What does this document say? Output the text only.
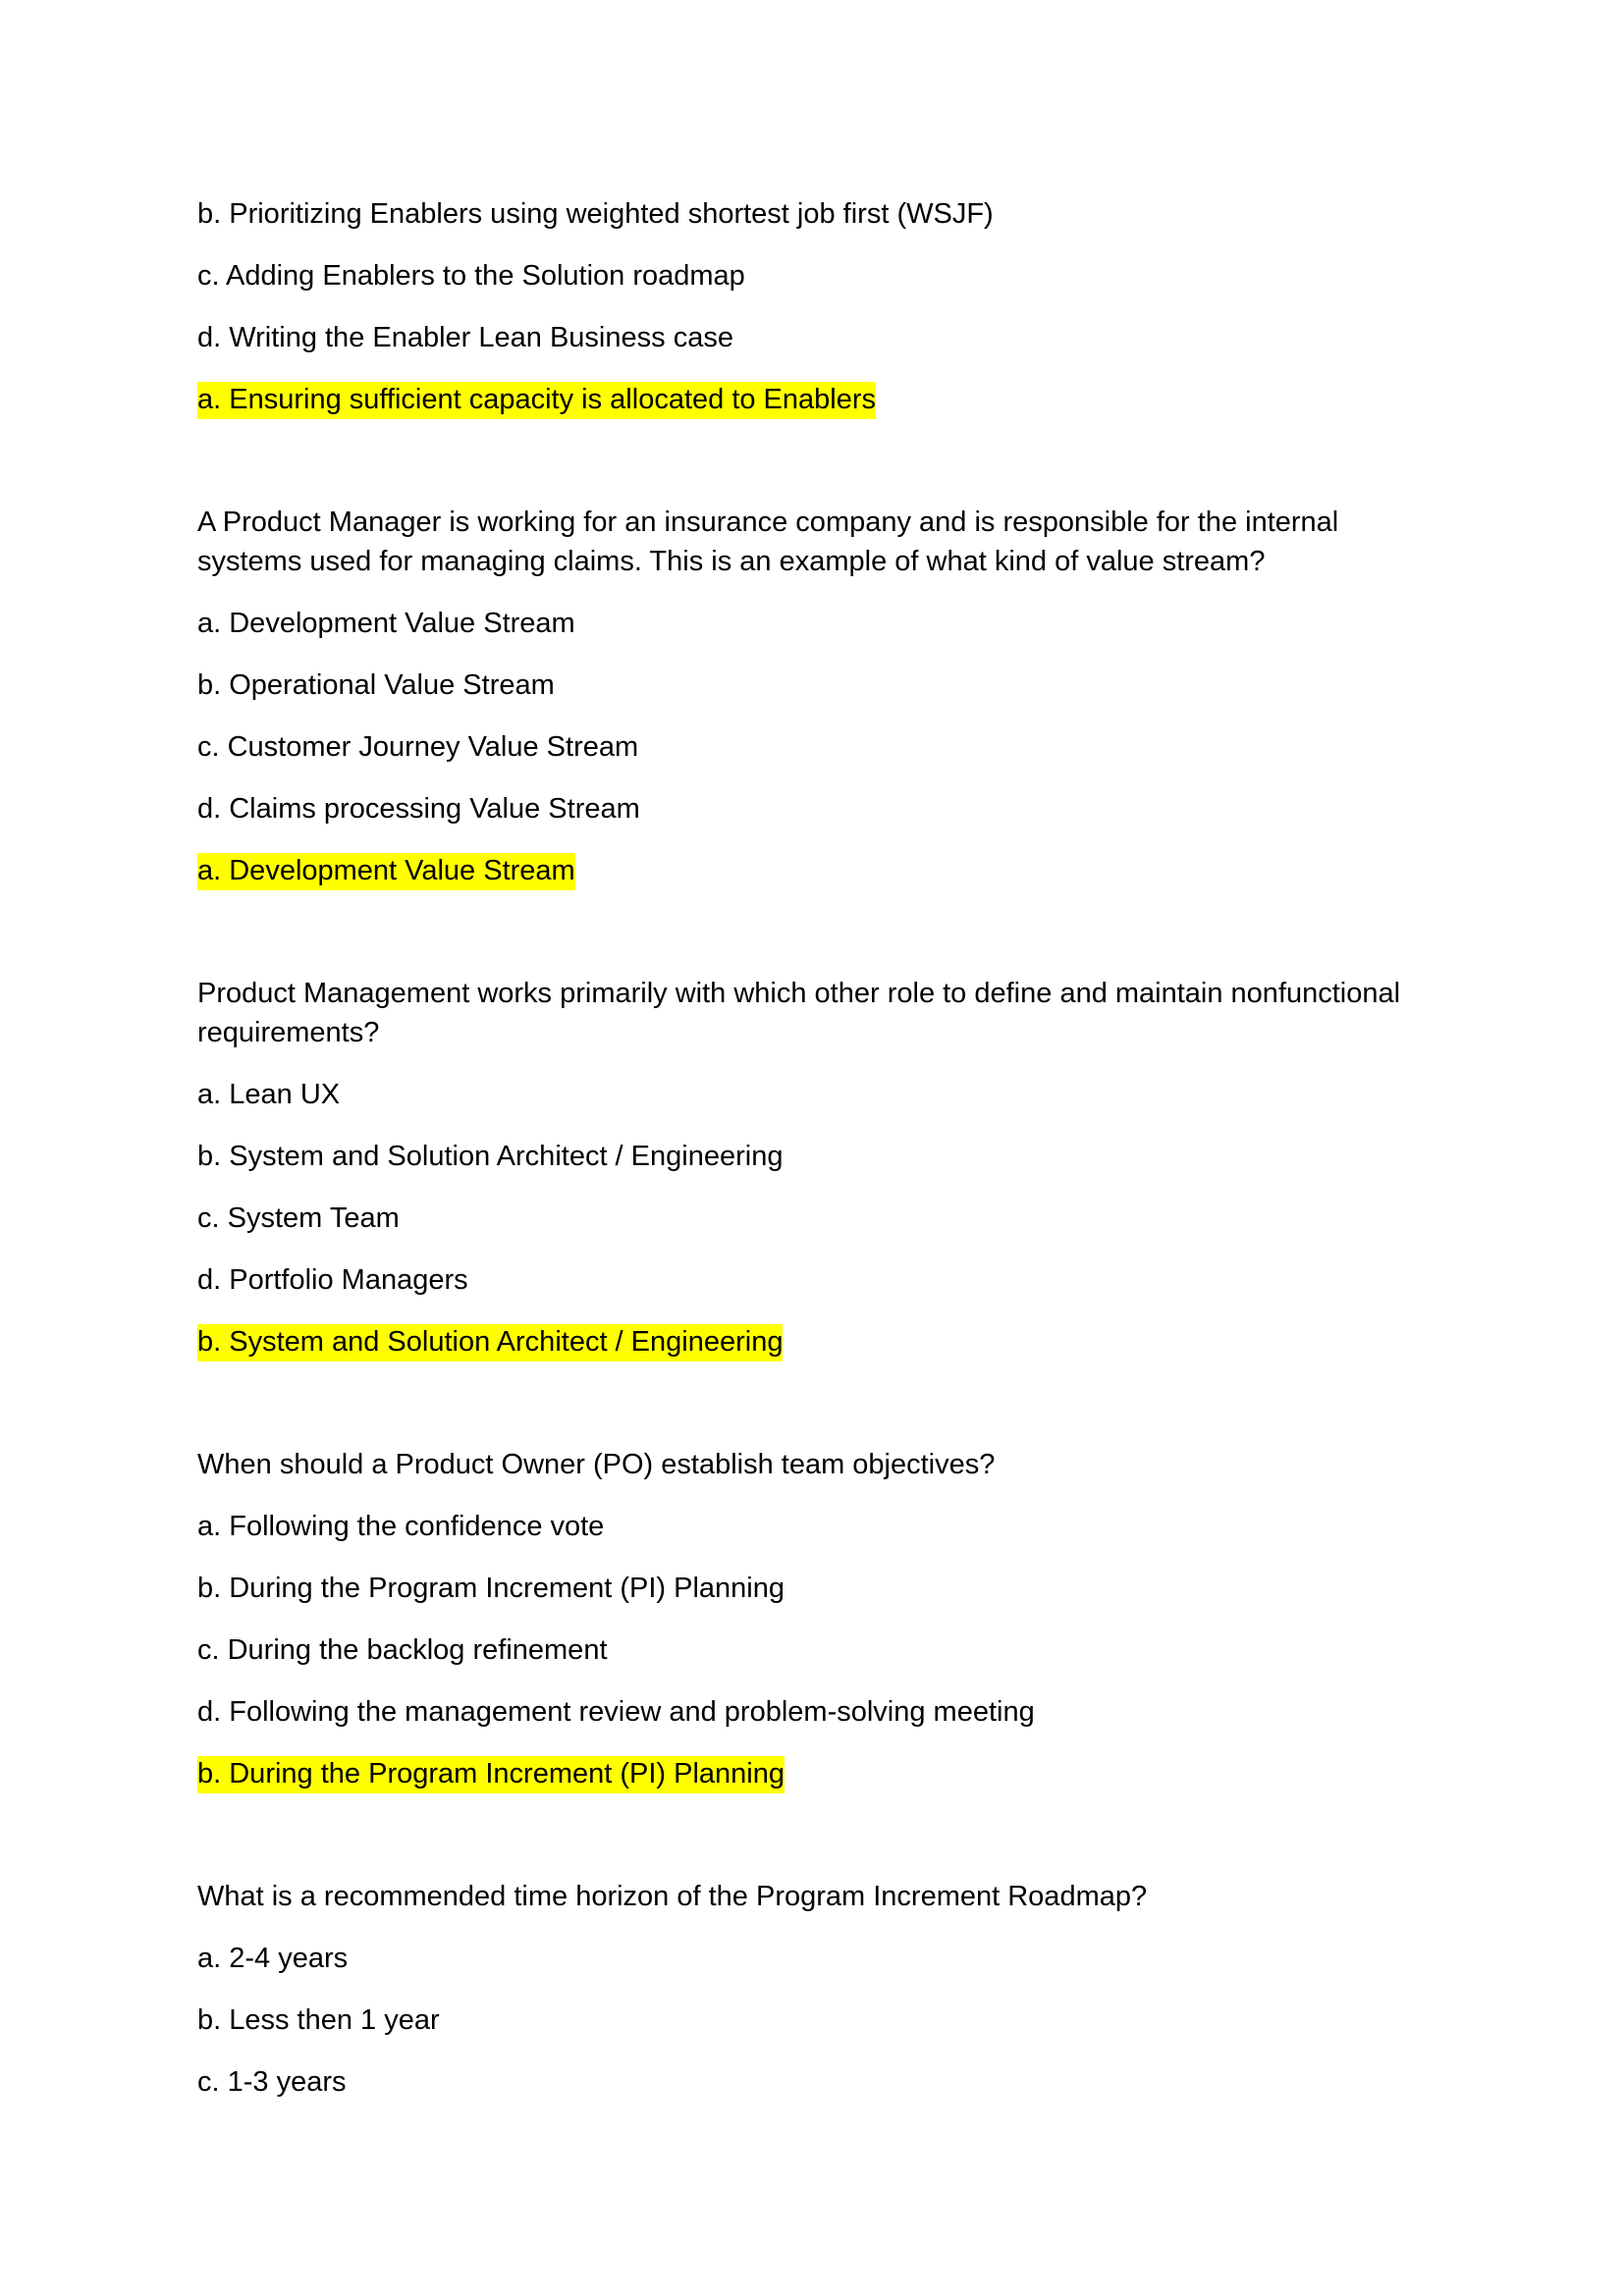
b. Prioritizing Enablers using weighted shortest job first (WSJF)
c. Adding Enablers to the Solution roadmap
d. Writing the Enabler Lean Business case
a. Ensuring sufficient capacity is allocated to Enablers
A Product Manager is working for an insurance company and is responsible for the internal systems used for managing claims. This is an example of what kind of value stream?
a. Development Value Stream
b. Operational Value Stream
c. Customer Journey Value Stream
d. Claims processing Value Stream
a. Development Value Stream
Product Management works primarily with which other role to define and maintain nonfunctional requirements?
a. Lean UX
b. System and Solution Architect / Engineering
c. System Team
d. Portfolio Managers
b. System and Solution Architect / Engineering
When should a Product Owner (PO) establish team objectives?
a. Following the confidence vote
b. During the Program Increment (PI) Planning
c. During the backlog refinement
d. Following the management review and problem-solving meeting
b. During the Program Increment (PI) Planning
What is a recommended time horizon of the Program Increment Roadmap?
a. 2-4 years
b. Less then 1 year
c. 1-3 years
